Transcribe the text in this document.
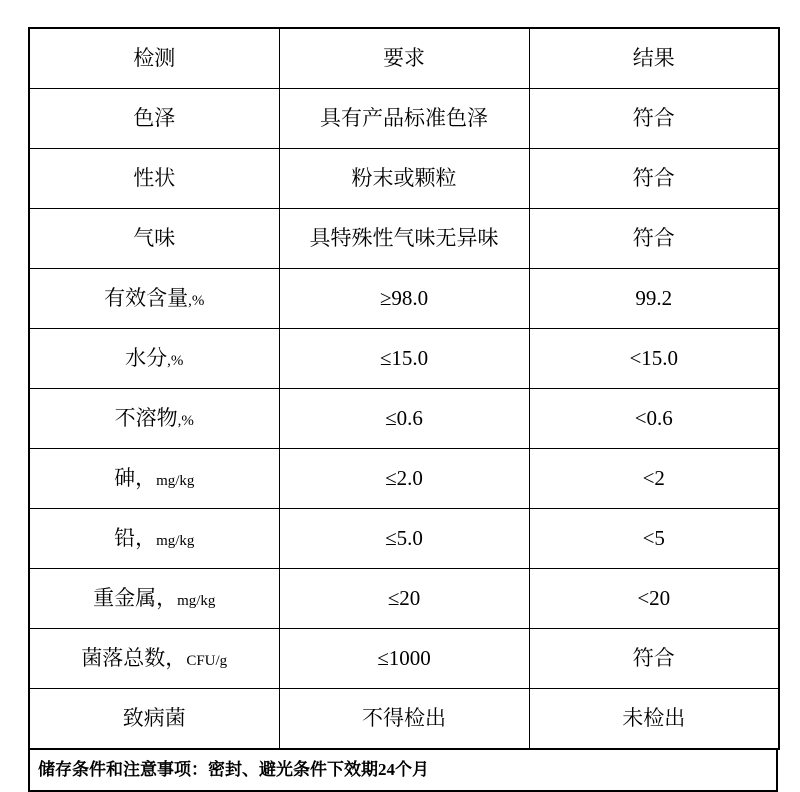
检测	要求	结果
色泽	具有产品标准色泽	符合
性状	粉末或颗粒	符合
气味	具特殊性气味无异味	符合
有效含量,%	≥98.0	99.2
水分,%	≤15.0	<15.0
不溶物,%	≤0.6	<0.6
砷，mg/kg	≤2.0	<2
铅，mg/kg	≤5.0	<5
重金属，mg/kg	≤20	<20
菌落总数，CFU/g	≤1000	符合
致病菌	不得检出	未检出
储存条件和注意事项：密封、避光条件下效期24个月
